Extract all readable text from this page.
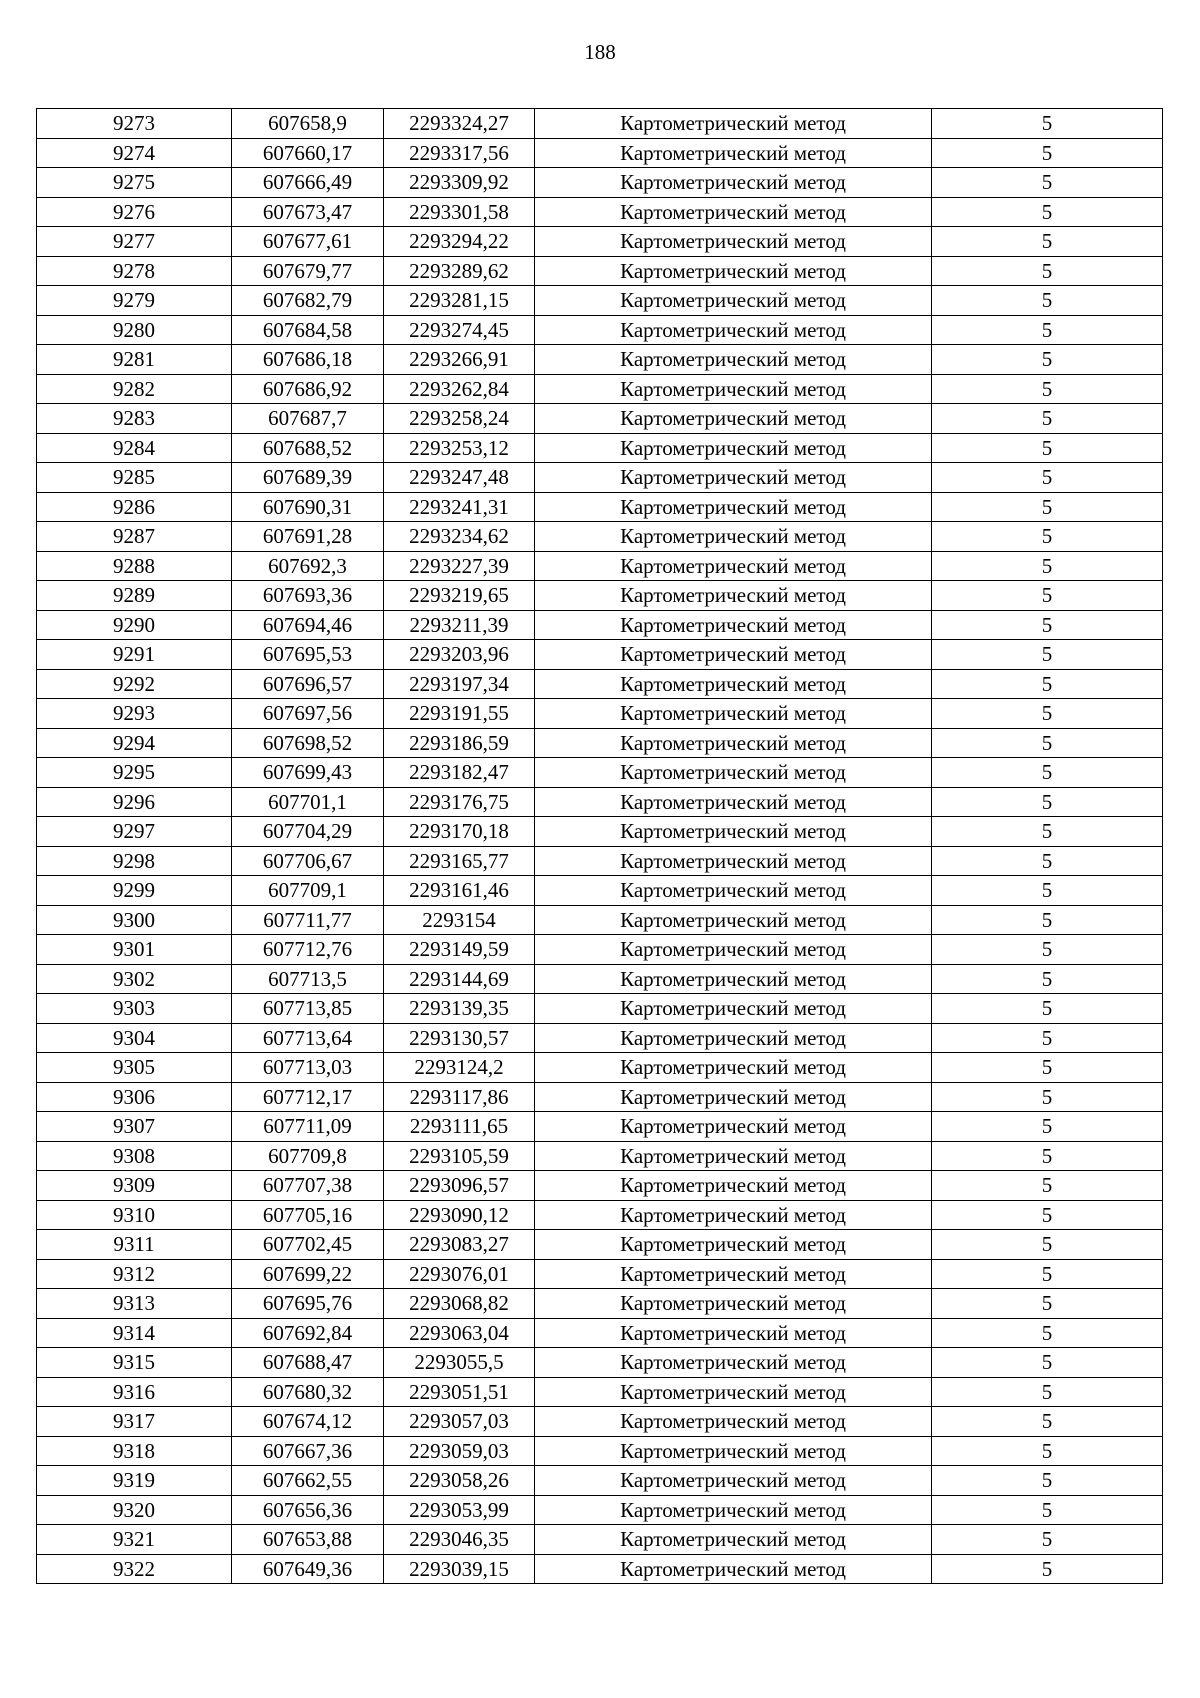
188
9273	607658,9	2293324,27	Картометрический метод	5
9274	607660,17	2293317,56	Картометрический метод	5
9275	607666,49	2293309,92	Картометрический метод	5
9276	607673,47	2293301,58	Картометрический метод	5
9277	607677,61	2293294,22	Картометрический метод	5
9278	607679,77	2293289,62	Картометрический метод	5
9279	607682,79	2293281,15	Картометрический метод	5
9280	607684,58	2293274,45	Картометрический метод	5
9281	607686,18	2293266,91	Картометрический метод	5
9282	607686,92	2293262,84	Картометрический метод	5
9283	607687,7	2293258,24	Картометрический метод	5
9284	607688,52	2293253,12	Картометрический метод	5
9285	607689,39	2293247,48	Картометрический метод	5
9286	607690,31	2293241,31	Картометрический метод	5
9287	607691,28	2293234,62	Картометрический метод	5
9288	607692,3	2293227,39	Картометрический метод	5
9289	607693,36	2293219,65	Картометрический метод	5
9290	607694,46	2293211,39	Картометрический метод	5
9291	607695,53	2293203,96	Картометрический метод	5
9292	607696,57	2293197,34	Картометрический метод	5
9293	607697,56	2293191,55	Картометрический метод	5
9294	607698,52	2293186,59	Картометрический метод	5
9295	607699,43	2293182,47	Картометрический метод	5
9296	607701,1	2293176,75	Картометрический метод	5
9297	607704,29	2293170,18	Картометрический метод	5
9298	607706,67	2293165,77	Картометрический метод	5
9299	607709,1	2293161,46	Картометрический метод	5
9300	607711,77	2293154	Картометрический метод	5
9301	607712,76	2293149,59	Картометрический метод	5
9302	607713,5	2293144,69	Картометрический метод	5
9303	607713,85	2293139,35	Картометрический метод	5
9304	607713,64	2293130,57	Картометрический метод	5
9305	607713,03	2293124,2	Картометрический метод	5
9306	607712,17	2293117,86	Картометрический метод	5
9307	607711,09	2293111,65	Картометрический метод	5
9308	607709,8	2293105,59	Картометрический метод	5
9309	607707,38	2293096,57	Картометрический метод	5
9310	607705,16	2293090,12	Картометрический метод	5
9311	607702,45	2293083,27	Картометрический метод	5
9312	607699,22	2293076,01	Картометрический метод	5
9313	607695,76	2293068,82	Картометрический метод	5
9314	607692,84	2293063,04	Картометрический метод	5
9315	607688,47	2293055,5	Картометрический метод	5
9316	607680,32	2293051,51	Картометрический метод	5
9317	607674,12	2293057,03	Картометрический метод	5
9318	607667,36	2293059,03	Картометрический метод	5
9319	607662,55	2293058,26	Картометрический метод	5
9320	607656,36	2293053,99	Картометрический метод	5
9321	607653,88	2293046,35	Картометрический метод	5
9322	607649,36	2293039,15	Картометрический метод	5
